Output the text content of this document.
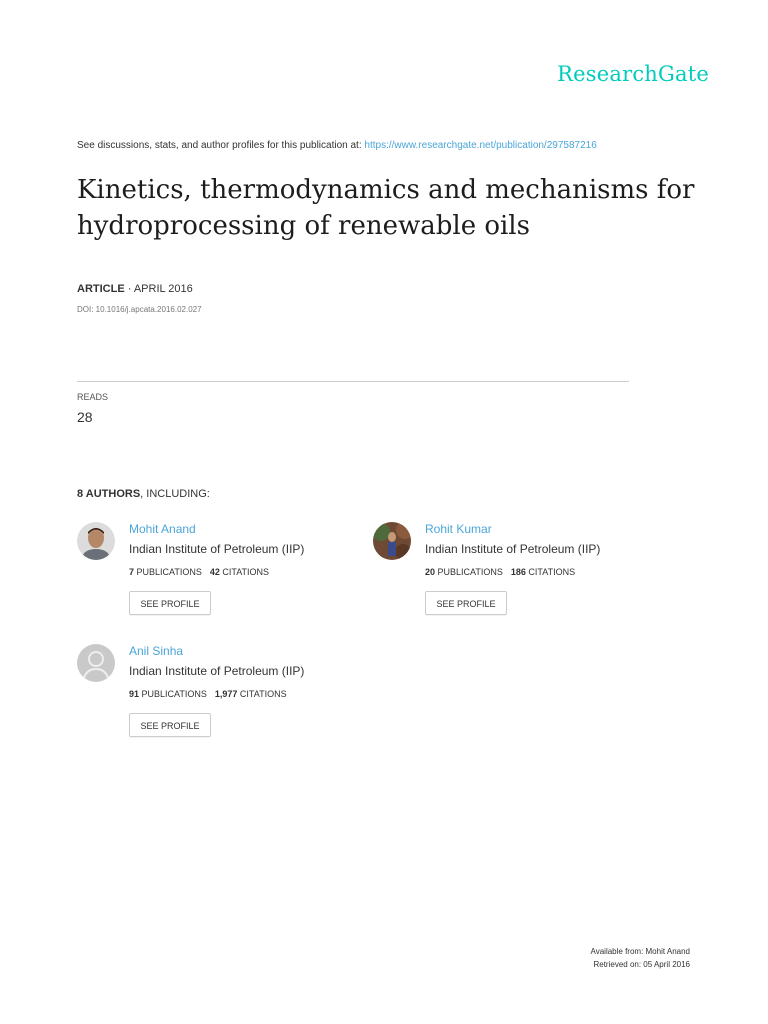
ResearchGate
See discussions, stats, and author profiles for this publication at: https://www.researchgate.net/publication/297587216
Kinetics, thermodynamics and mechanisms for hydroprocessing of renewable oils
ARTICLE · APRIL 2016
DOI: 10.1016/j.apcata.2016.02.027
READS
28
8 AUTHORS, INCLUDING:
Mohit Anand
Indian Institute of Petroleum (IIP)
7 PUBLICATIONS 42 CITATIONS
SEE PROFILE
Rohit Kumar
Indian Institute of Petroleum (IIP)
20 PUBLICATIONS 186 CITATIONS
SEE PROFILE
Anil Sinha
Indian Institute of Petroleum (IIP)
91 PUBLICATIONS 1,977 CITATIONS
SEE PROFILE
Available from: Mohit Anand
Retrieved on: 05 April 2016
